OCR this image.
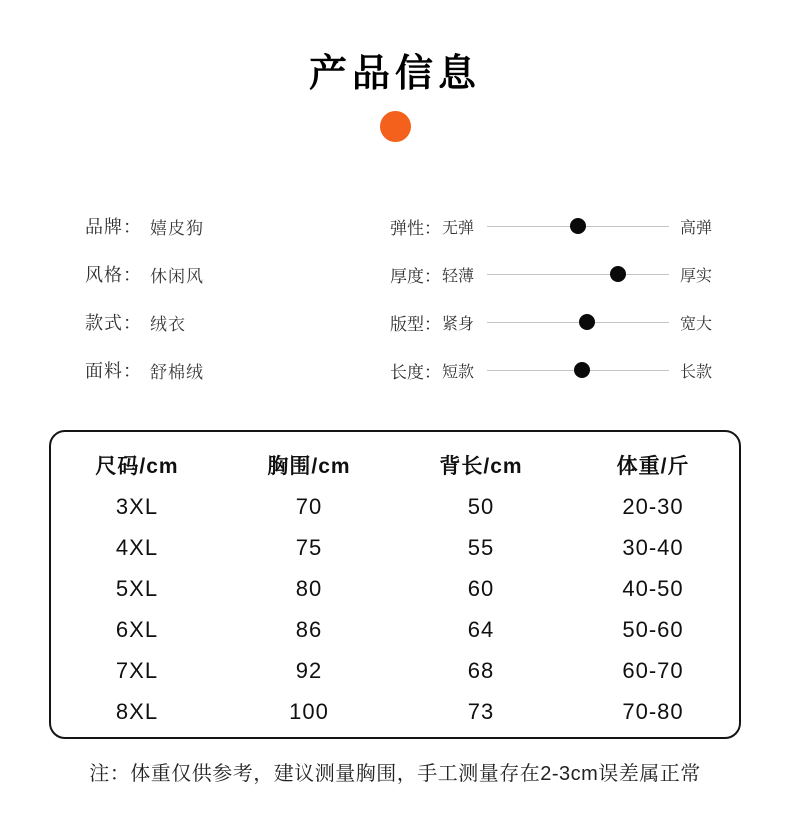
产品信息
品牌： 嬉皮狗
风格： 休闲风
款式： 绒衣
面料： 舒棉绒
弹性： 无弹	高弹
厚度： 轻薄	厚实
版型： 紧身	宽大
长度： 短款	长款
尺码/cm	胸围/cm	背长/cm	体重/斤
3XL	70	50	20-30
4XL	75	55	30-40
5XL	80	60	40-50
6XL	86	64	50-60
7XL	92	68	60-70
8XL	100	73	70-80

注：体重仅供参考，建议测量胸围，手工测量存在2-3cm误差属正常
